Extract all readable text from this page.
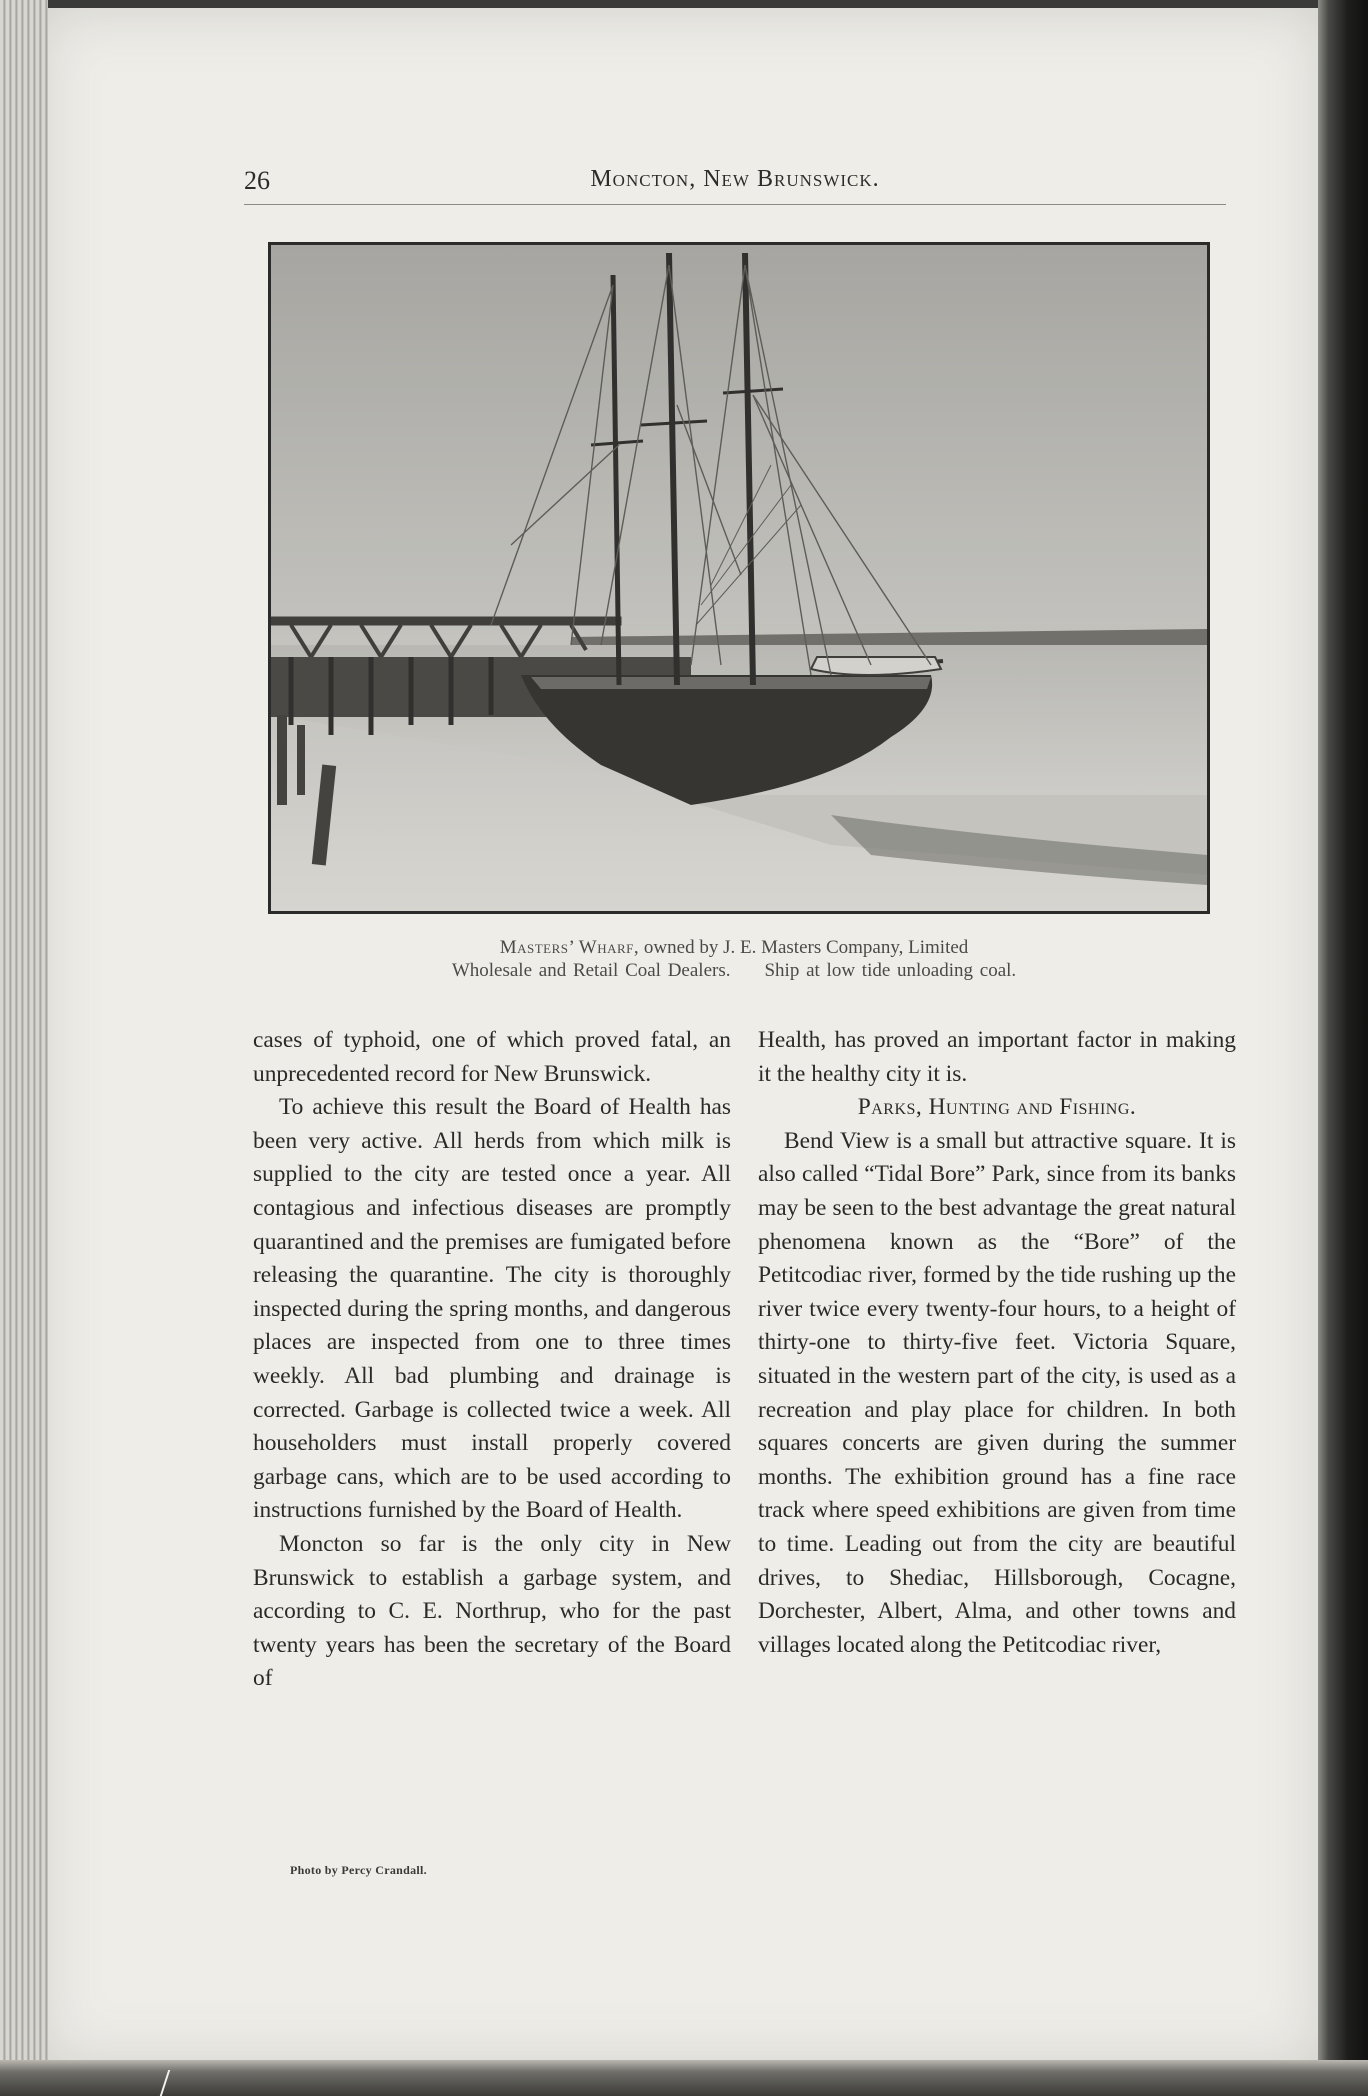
26	Moncton, New Brunswick.
Masters’ Wharf, owned by J. E. Masters Company, Limited
Wholesale and Retail Coal Dealers. Ship at low tide unloading coal.

cases of typhoid, one of which proved fatal, an unprecedented record for New Brunswick.

To achieve this result the Board of Health has been very active. All herds from which milk is supplied to the city are tested once a year. All contagious and infectious diseases are promptly quarantined and the premises are fumigated before releasing the quarantine. The city is thoroughly inspected during the spring months, and dangerous places are inspected from one to three times weekly. All bad plumbing and drainage is corrected. Garbage is collected twice a week. All householders must install properly covered garbage cans, which are to be used according to instructions furnished by the Board of Health.

Moncton so far is the only city in New Brunswick to establish a garbage system, and according to C. E. Northrup, who for the past twenty years has been the secretary of the Board of

Health, has proved an important factor in making it the healthy city it is.

Parks, Hunting and Fishing.

Bend View is a small but attractive square. It is also called “Tidal Bore” Park, since from its banks may be seen to the best advantage the great natural phenomena known as the “Bore” of the Petitcodiac river, formed by the tide rushing up the river twice every twenty-four hours, to a height of thirty-one to thirty-five feet. Victoria Square, situated in the western part of the city, is used as a recreation and play place for children. In both squares concerts are given during the summer months. The exhibition ground has a fine race track where speed exhibitions are given from time to time. Leading out from the city are beautiful drives, to Shediac, Hillsborough, Cocagne, Dorchester, Albert, Alma, and other towns and villages located along the Petitcodiac river,

Photo by Percy Crandall.
